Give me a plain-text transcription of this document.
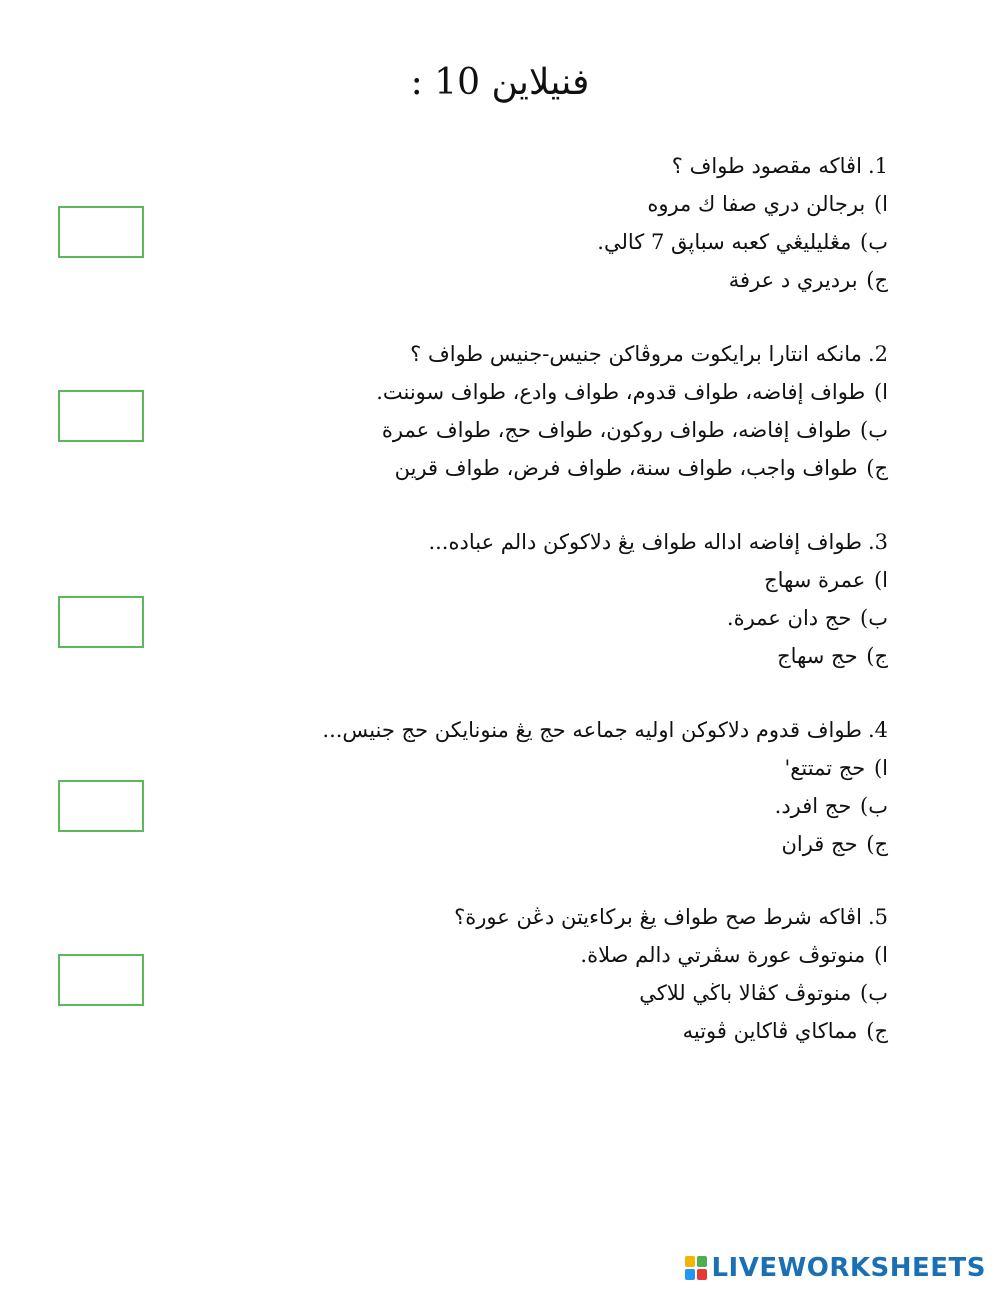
فنيلاين 10 :
1.اڤاكه مقصود طواف ؟
ا) برجالن دري صفا ك مروه
ب) مڠليليڠي كعبه سباڽق 7 كالي.
ج) برديري د عرفة
2.مانكه انتارا برايكوت مروڤاكن جنيس-جنيس طواف ؟
ا) طواف إفاضه، طواف قدوم، طواف وادع، طواف سوننت.
ب) طواف إفاضه، طواف روكون، طواف حج، طواف عمرة
ج) طواف واجب، طواف سنة، طواف فرض، طواف قرين
3.طواف إفاضه اداله طواف يڠ دلاكوكن دالم عباده...
ا) عمرة سهاج
ب) حج دان عمرة.
ج) حج سهاج
4.طواف قدوم دلاكوكن اوليه جماعه حج يڠ منونايكن حج جنيس...
ا) حج تمتتع'
ب) حج افرد.
ج) حج قران
5.اڤاكه شرط صح طواف يڠ بركاءيتن دڠن عورة؟
ا) منوتوڤ عورة سڤرتي دالم صلاة.
ب) منوتوڤ كڤالا باڬي للاكي
ج) مماكاي ڤاكاين ڤوتيه
LIVEWORKSHEETS
